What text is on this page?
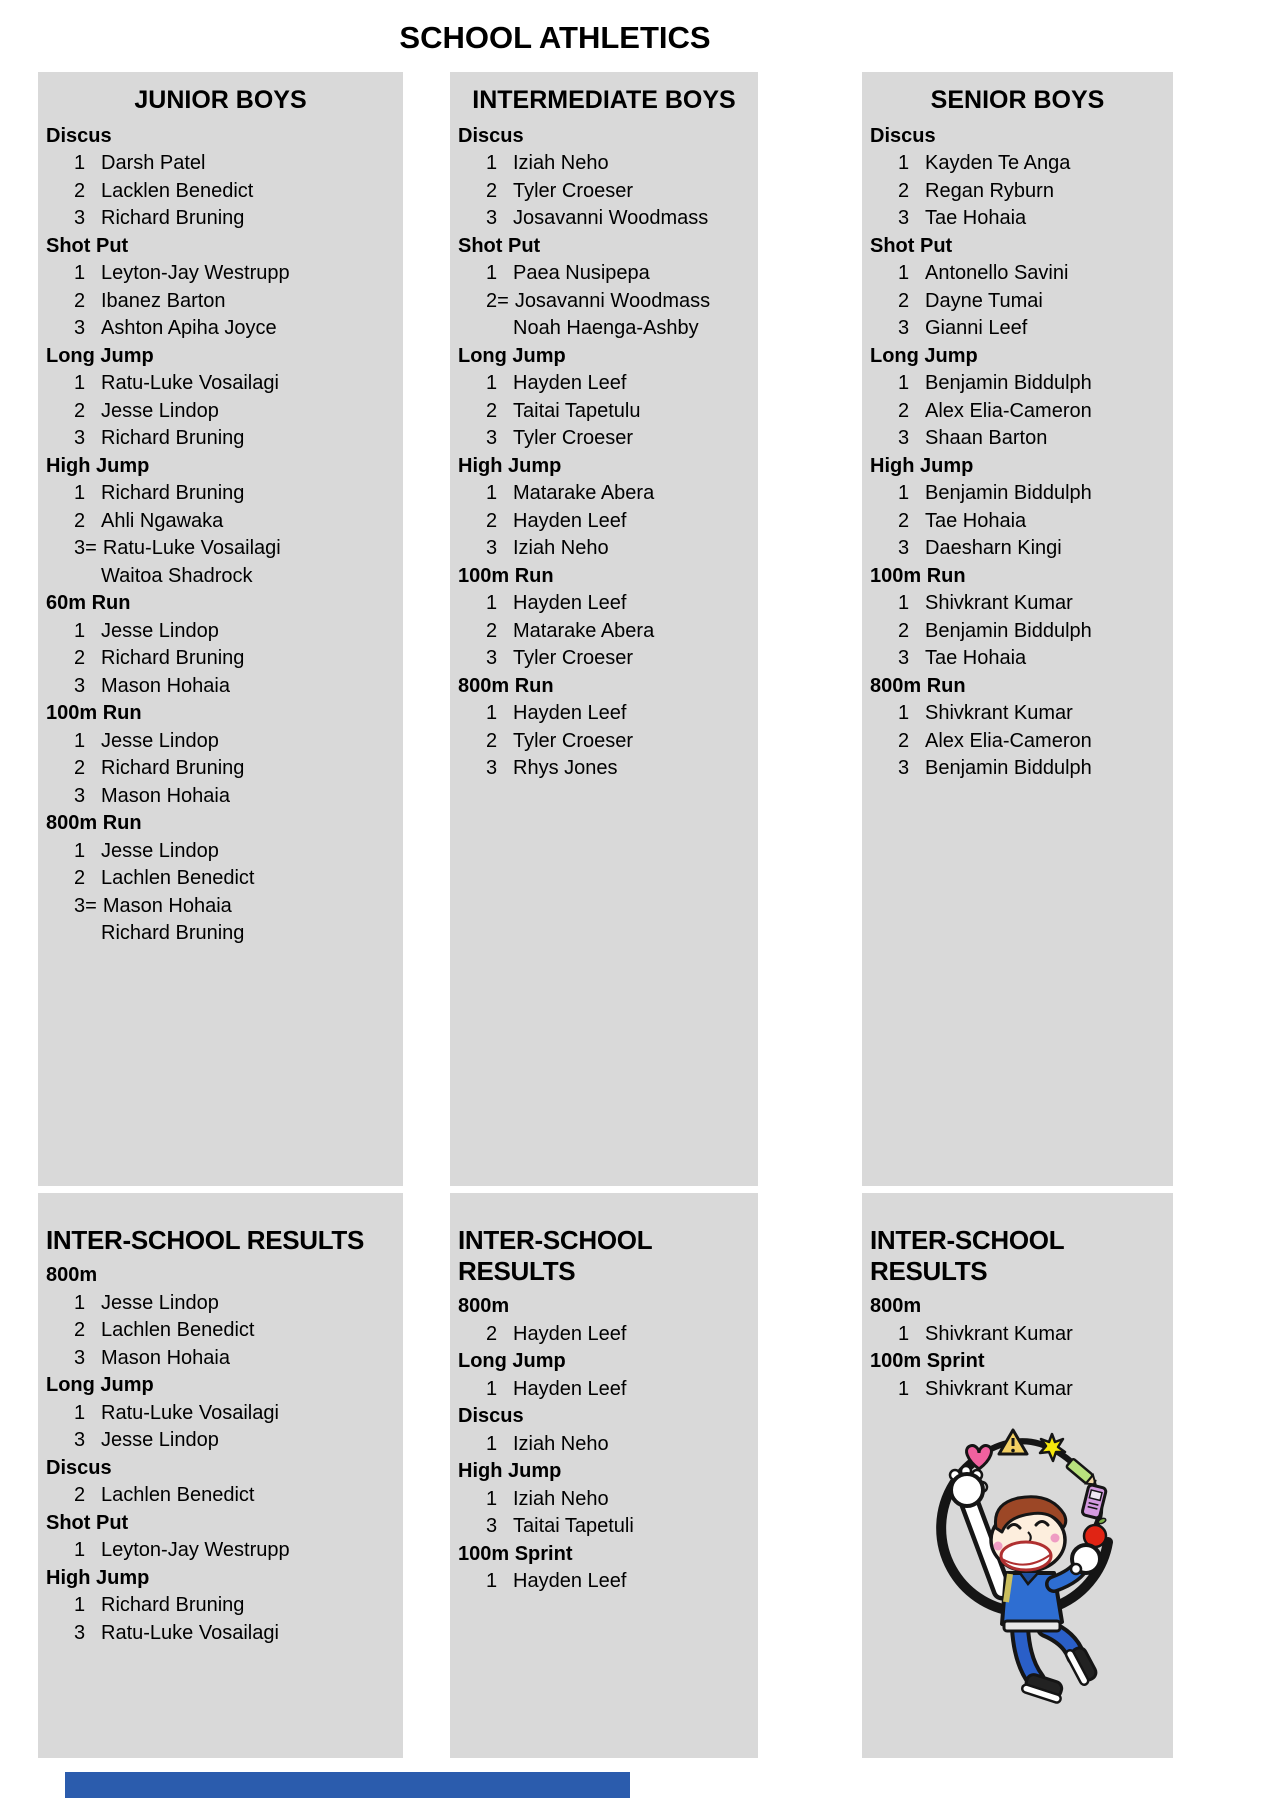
SCHOOL ATHLETICS
JUNIOR BOYS
Discus
1 Darsh Patel
2 Lacklen Benedict
3 Richard Bruning
Shot Put
1 Leyton-Jay Westrupp
2 Ibanez Barton
3 Ashton Apiha Joyce
Long Jump
1 Ratu-Luke Vosailagi
2 Jesse Lindop
3 Richard Bruning
High Jump
1 Richard Bruning
2 Ahli Ngawaka
3= Ratu-Luke Vosailagi
Waitoa Shadrock
60m Run
1 Jesse Lindop
2 Richard Bruning
3 Mason Hohaia
100m Run
1 Jesse Lindop
2 Richard Bruning
3 Mason Hohaia
800m Run
1 Jesse Lindop
2 Lachlen Benedict
3= Mason Hohaia
Richard Bruning
INTER-SCHOOL RESULTS
800m
1 Jesse Lindop
2 Lachlen Benedict
3 Mason Hohaia
Long Jump
1 Ratu-Luke Vosailagi
3 Jesse Lindop
Discus
2 Lachlen Benedict
Shot Put
1 Leyton-Jay Westrupp
High Jump
1 Richard Bruning
3 Ratu-Luke Vosailagi
INTERMEDIATE BOYS
Discus
1 Iziah Neho
2 Tyler Croeser
3 Josavanni Woodmass
Shot Put
1 Paea Nusipepa
2= Josavanni Woodmass
Noah Haenga-Ashby
Long Jump
1 Hayden Leef
2 Taitai Tapetulu
3 Tyler Croeser
High Jump
1 Matarake Abera
2 Hayden Leef
3 Iziah Neho
100m Run
1 Hayden Leef
2 Matarake Abera
3 Tyler Croeser
800m Run
1 Hayden Leef
2 Tyler Croeser
3 Rhys Jones
INTER-SCHOOL RESULTS
800m
2 Hayden Leef
Long Jump
1 Hayden Leef
Discus
1 Iziah Neho
High Jump
1 Iziah Neho
3 Taitai Tapetuli
100m Sprint
1 Hayden Leef
SENIOR BOYS
Discus
1 Kayden Te Anga
2 Regan Ryburn
3 Tae Hohaia
Shot Put
1 Antonello Savini
2 Dayne Tumai
3 Gianni Leef
Long Jump
1 Benjamin Biddulph
2 Alex Elia-Cameron
3 Shaan Barton
High Jump
1 Benjamin Biddulph
2 Tae Hohaia
3 Daesharn Kingi
100m Run
1 Shivkrant Kumar
2 Benjamin Biddulph
3 Tae Hohaia
800m Run
1 Shivkrant Kumar
2 Alex Elia-Cameron
3 Benjamin Biddulph
INTER-SCHOOL RESULTS
800m
1 Shivkrant Kumar
100m Sprint
1 Shivkrant Kumar
